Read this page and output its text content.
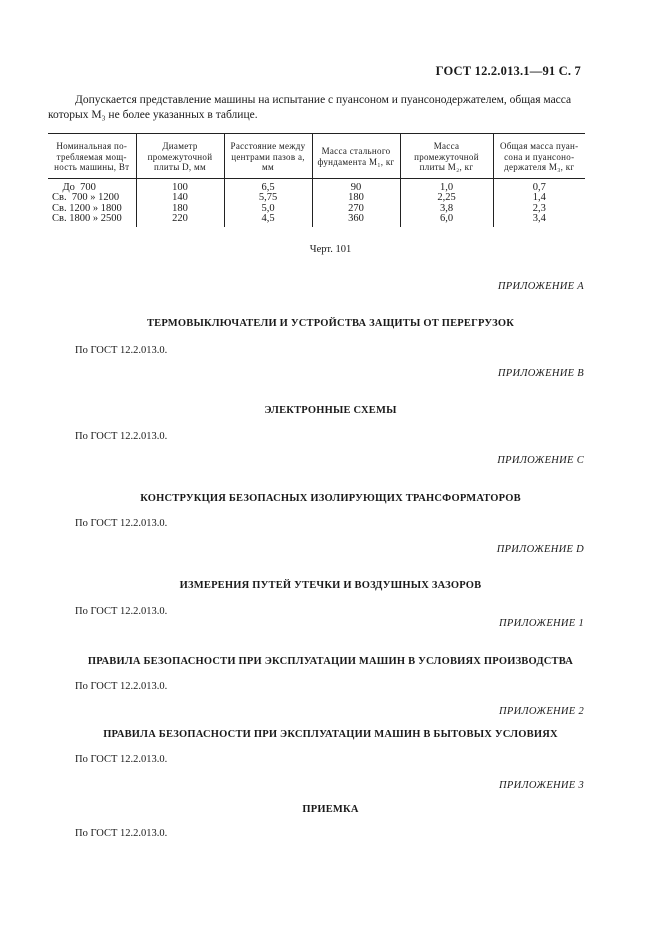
ГОСТ 12.2.013.1—91 С. 7
Допускается представление машины на испытание с пуансоном и пуансонодержателем, общая масса которых M₃ не более указанных в таблице.
Номинальная по-требляемая мощ-ность машины, Вт	Диаметр промежуточной плиты D, мм	Расстояние между центрами пазов a, мм	Масса стального фундамента M₁, кг	Масса промежуточной плиты M₂, кг	Общая масса пуан-сона и пуансоно-держателя M₃, кг
До  700	100	6,5	90	1,0	0,7
Св.  700 » 1200	140	5,75	180	2,25	1,4
Св. 1200 » 1800	180	5,0	270	3,8	2,3
Св. 1800 » 2500	220	4,5	360	6,0	3,4
Черт. 101
ПРИЛОЖЕНИЕ A
ТЕРМОВЫКЛЮЧАТЕЛИ И УСТРОЙСТВА ЗАЩИТЫ ОТ ПЕРЕГРУЗОК
По ГОСТ 12.2.013.0.
ПРИЛОЖЕНИЕ B
ЭЛЕКТРОННЫЕ СХЕМЫ
По ГОСТ 12.2.013.0.
ПРИЛОЖЕНИЕ C
КОНСТРУКЦИЯ БЕЗОПАСНЫХ ИЗОЛИРУЮЩИХ ТРАНСФОРМАТОРОВ
По ГОСТ 12.2.013.0.
ПРИЛОЖЕНИЕ D
ИЗМЕРЕНИЯ ПУТЕЙ УТЕЧКИ И ВОЗДУШНЫХ ЗАЗОРОВ
По ГОСТ 12.2.013.0.
ПРИЛОЖЕНИЕ 1
ПРАВИЛА БЕЗОПАСНОСТИ ПРИ ЭКСПЛУАТАЦИИ МАШИН В УСЛОВИЯХ ПРОИЗВОДСТВА
По ГОСТ 12.2.013.0.
ПРИЛОЖЕНИЕ 2
ПРАВИЛА БЕЗОПАСНОСТИ ПРИ ЭКСПЛУАТАЦИИ МАШИН В БЫТОВЫХ УСЛОВИЯХ
По ГОСТ 12.2.013.0.
ПРИЛОЖЕНИЕ 3
ПРИЕМКА
По ГОСТ 12.2.013.0.
